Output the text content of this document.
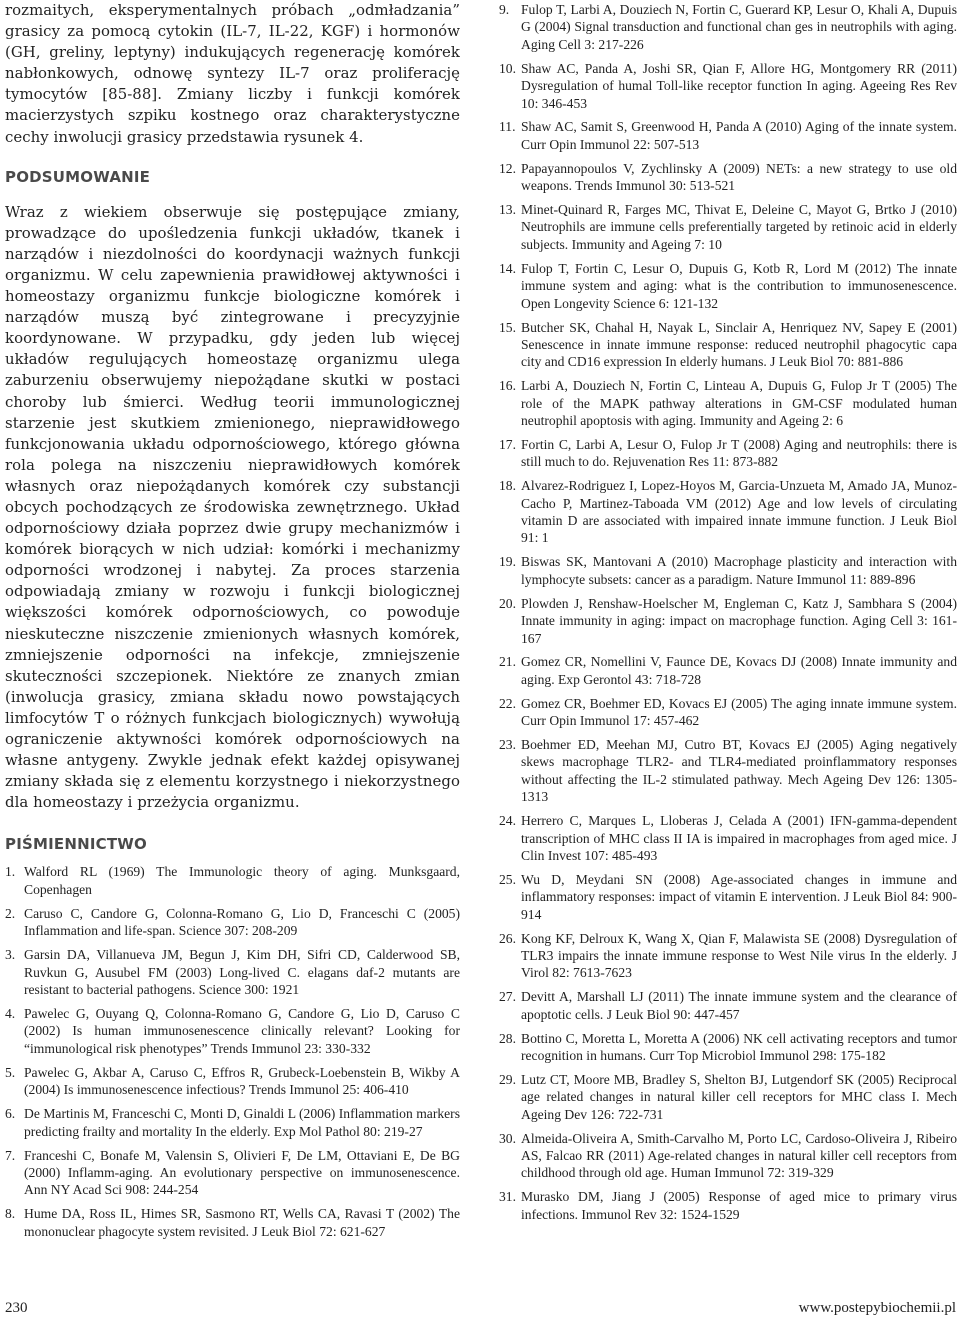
rozmaitych, eksperymentalnych próbach „odmładzania” grasicy za pomocą cytokin (IL-7, IL-22, KGF) i hormonów (GH, greliny, leptyny) indukujących regenerację komórek nabłonkowych, odnowę syntezy IL-7 oraz proliferację tymocytów [85-88]. Zmiany liczby i funkcji komórek macierzystych szpiku kostnego oraz charakterystyczne cechy inwolucji grasicy przedstawia rysunek 4.

PODSUMOWANIE

Wraz z wiekiem obserwuje się postępujące zmiany, prowadzące do upośledzenia funkcji układów, tkanek i narządów i niezdolności do koordynacji ważnych funkcji organizmu. W celu zapewnienia prawidłowej aktywności i homeostazy organizmu funkcje biologiczne komórek i narządów muszą być zintegrowane i precyzyjnie koordynowane. W przypadku, gdy jeden lub więcej układów regulujących homeostazę organizmu ulega zaburzeniu obserwujemy niepożądane skutki w postaci choroby lub śmierci. Według teorii immunologicznej starzenie jest skutkiem zmienionego, nieprawidłowego funkcjonowania układu odpornościowego, którego główna rola polega na niszczeniu nieprawidłowych komórek własnych oraz niepożądanych komórek czy substancji obcych pochodzących ze środowiska zewnętrznego. Układ odpornościowy działa poprzez dwie grupy mechanizmów i komórek biorących w nich udział: komórki i mechanizmy odporności wrodzonej i nabytej. Za proces starzenia odpowiadają zmiany w rozwoju i funkcji biologicznej większości komórek odpornościowych, co powoduje nieskuteczne niszczenie zmienionych własnych komórek, zmniejszenie odporności na infekcje, zmniejszenie skuteczności szczepionek. Niektóre ze znanych zmian (inwolucja grasicy, zmiana składu nowo powstających limfocytów T o różnych funkcjach biologicznych) wywołują ograniczenie aktywności komórek odpornościowych na własne antygeny. Zwykle jednak efekt każdej opisywanej zmiany składa się z elementu korzystnego i niekorzystnego dla homeostazy i przeżycia organizmu.

PIŚMIENNICTWO
1. Walford RL (1969) The Immunologic theory of aging. Munksgaard, Copenhagen
2. Caruso C, Candore G, Colonna-Romano G, Lio D, Franceschi C (2005) Inflammation and life-span. Science 307: 208-209
3. Garsin DA, Villanueva JM, Begun J, Kim DH, Sifri CD, Calderwood SB, Ruvkun G, Ausubel FM (2003) Long-lived C. elagans daf-2 mutants are resistant to bacterial pathogens. Science 300: 1921
4. Pawelec G, Ouyang Q, Colonna-Romano G, Candore G, Lio D, Caruso C (2002) Is human immunosenescence clinically relevant? Looking for “immunological risk phenotypes” Trends Immunol 23: 330-332
5. Pawelec G, Akbar A, Caruso C, Effros R, Grubeck-Loebenstein B, Wikby A (2004) Is immunosenescence infectious? Trends Immunol 25: 406-410
6. De Martinis M, Franceschi C, Monti D, Ginaldi L (2006) Inflammation markers predicting frailty and mortality In the elderly. Exp Mol Pathol 80: 219-27
7. Franceshi C, Bonafe M, Valensin S, Olivieri F, De LM, Ottaviani E, De BG (2000) Inflamm-aging. An evolutionary perspective on immunosenescence. Ann NY Acad Sci 908: 244-254
8. Hume DA, Ross IL, Himes SR, Sasmono RT, Wells CA, Ravasi T (2002) The mononuclear phagocyte system revisited. J Leuk Biol 72: 621-627
9. Fulop T, Larbi A, Douziech N, Fortin C, Guerard KP, Lesur O, Khali A, Dupuis G (2004) Signal transduction and functional chan ges in neutrophils with aging. Aging Cell 3: 217-226
10. Shaw AC, Panda A, Joshi SR, Qian F, Allore HG, Montgomery RR (2011) Dysregulation of humal Toll-like receptor function In aging. Ageeing Res Rev 10: 346-453
11. Shaw AC, Samit S, Greenwood H, Panda A (2010) Aging of the innate system. Curr Opin Immunol 22: 507-513
12. Papayannopoulos V, Zychlinsky A (2009) NETs: a new strategy to use old weapons. Trends Immunol 30: 513-521
13. Minet-Quinard R, Farges MC, Thivat E, Deleine C, Mayot G, Brtko J (2010) Neutrophils are immune cells preferentially targeted by retinoic acid in elderly subjects. Immunity and Ageing 7: 10
14. Fulop T, Fortin C, Lesur O, Dupuis G, Kotb R, Lord M (2012) The innate immune system and aging: what is the contribution to immunosenescence. Open Longevity Science 6: 121-132
15. Butcher SK, Chahal H, Nayak L, Sinclair A, Henriquez NV, Sapey E (2001) Senescence in innate immune response: reduced neutrophil phagocytic capa city and CD16 expression In elderly humans. J Leuk Biol 70: 881-886
16. Larbi A, Douziech N, Fortin C, Linteau A, Dupuis G, Fulop Jr T (2005) The role of the MAPK pathway alterations in GM-CSF modulated human neutrophil apoptosis with aging. Immunity and Ageing 2: 6
17. Fortin C, Larbi A, Lesur O, Fulop Jr T (2008) Aging and neutrophils: there is still much to do. Rejuvenation Res 11: 873-882
18. Alvarez-Rodriguez I, Lopez-Hoyos M, Garcia-Unzueta M, Amado JA, Munoz-Cacho P, Martinez-Taboada VM (2012) Age and low levels of circulating vitamin D are associated with impaired innate immune function. J Leuk Biol 91: 1
19. Biswas SK, Mantovani A (2010) Macrophage plasticity and interaction with lymphocyte subsets: cancer as a paradigm. Nature Immunol 11: 889-896
20. Plowden J, Renshaw-Hoelscher M, Engleman C, Katz J, Sambhara S (2004) Innate immunity in aging: impact on macrophage function. Aging Cell 3: 161-167
21. Gomez CR, Nomellini V, Faunce DE, Kovacs DJ (2008) Innate immunity and aging. Exp Gerontol 43: 718-728
22. Gomez CR, Boehmer ED, Kovacs EJ (2005) The aging innate immune system. Curr Opin Immunol 17: 457-462
23. Boehmer ED, Meehan MJ, Cutro BT, Kovacs EJ (2005) Aging negatively skews macrophage TLR2- and TLR4-mediated proinflammatory responses without affecting the IL-2 stimulated pathway. Mech Ageing Dev 126: 1305-1313
24. Herrero C, Marques L, Lloberas J, Celada A (2001) IFN-gamma-dependent transcription of MHC class II IA is impaired in macrophages from aged mice. J Clin Invest 107: 485-493
25. Wu D, Meydani SN (2008) Age-associated changes in immune and inflammatory responses: impact of vitamin E intervention. J Leuk Biol 84: 900-914
26. Kong KF, Delroux K, Wang X, Qian F, Malawista SE (2008) Dysregulation of TLR3 impairs the innate immune response to West Nile virus In the elderly. J Virol 82: 7613-7623
27. Devitt A, Marshall LJ (2011) The innate immune system and the clearance of apoptotic cells. J Leuk Biol 90: 447-457
28. Bottino C, Moretta L, Moretta A (2006) NK cell activating receptors and tumor recognition in humans. Curr Top Microbiol Immunol 298: 175-182
29. Lutz CT, Moore MB, Bradley S, Shelton BJ, Lutgendorf SK (2005) Reciprocal age related changes in natural killer cell receptors for MHC class I. Mech Ageing Dev 126: 722-731
30. Almeida-Oliveira A, Smith-Carvalho M, Porto LC, Cardoso-Oliveira J, Ribeiro AS, Falcao RR (2011) Age-related changes in natural killer cell receptors from childhood through old age. Human Immunol 72: 319-329
31. Murasko DM, Jiang J (2005) Response of aged mice to primary virus infections. Immunol Rev 32: 1524-1529
230	www.postepybiochemii.pl
